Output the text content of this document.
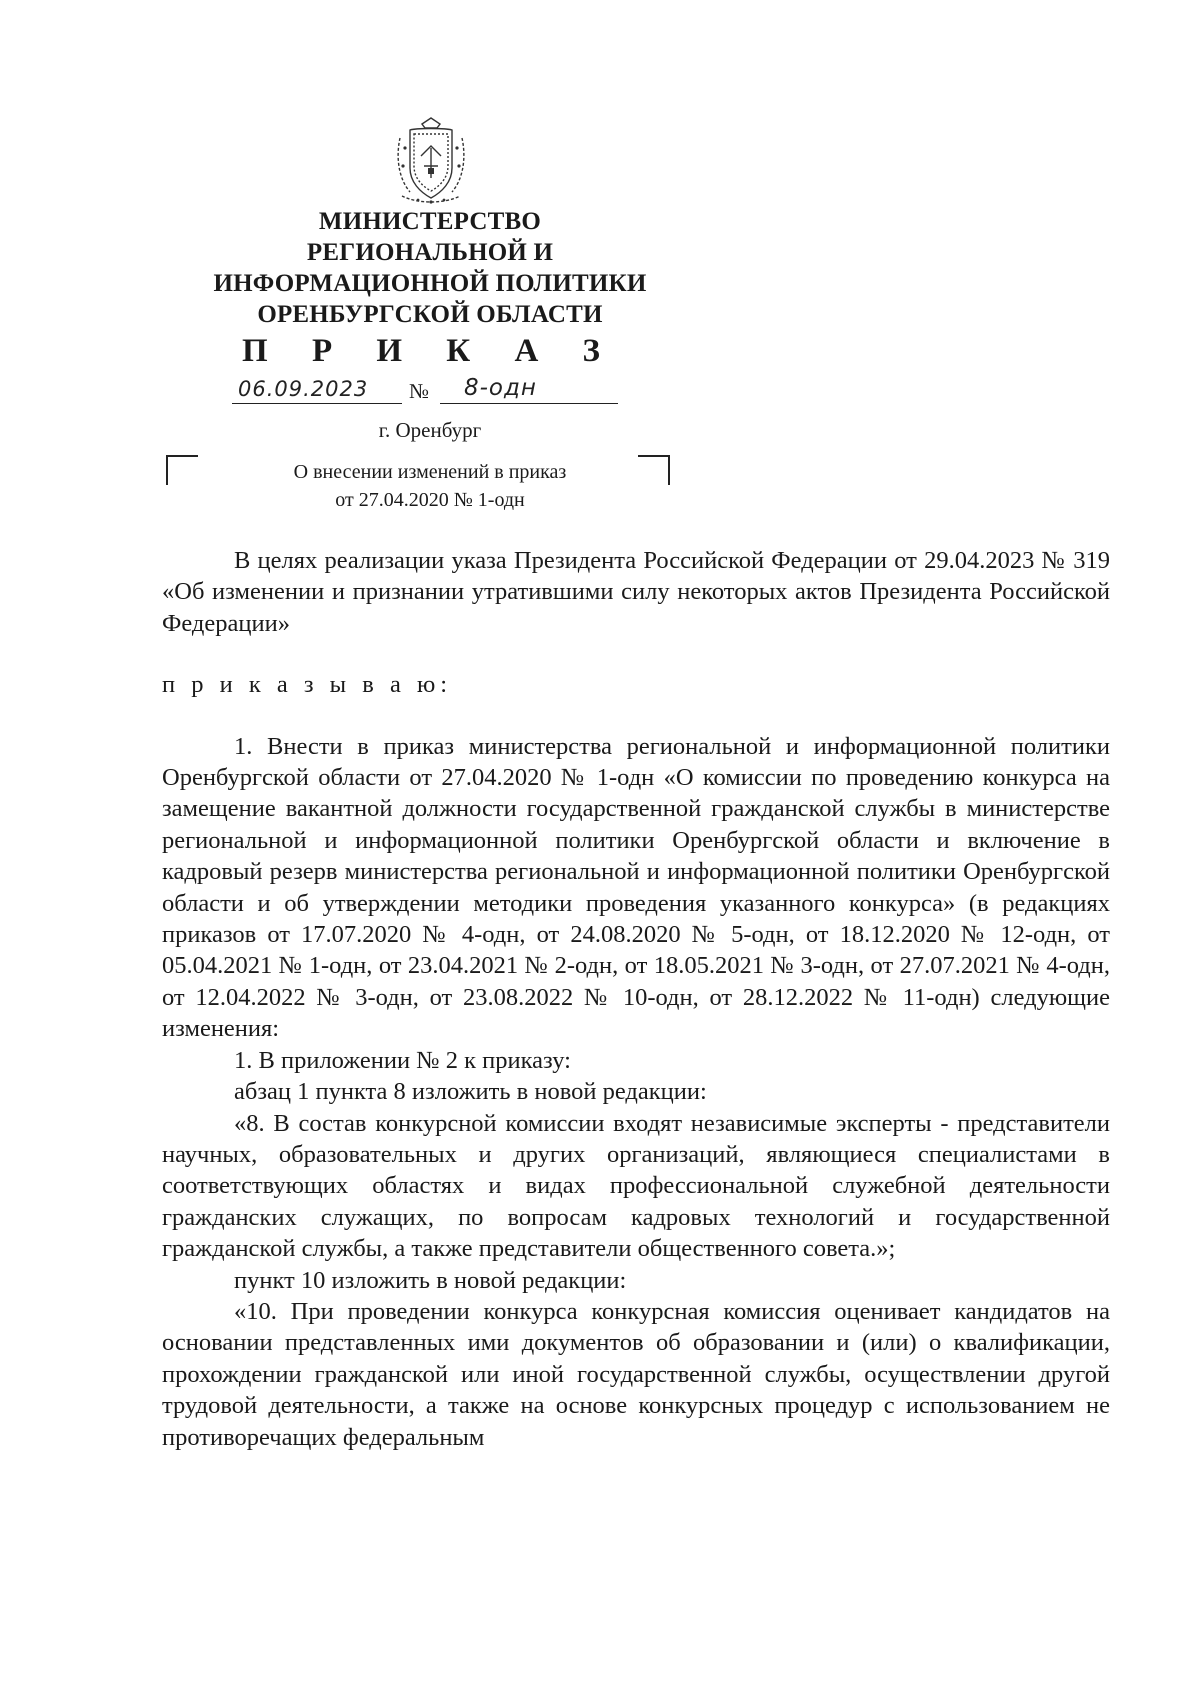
МИНИСТЕРСТВО
РЕГИОНАЛЬНОЙ И
ИНФОРМАЦИОННОЙ ПОЛИТИКИ
ОРЕНБУРГСКОЙ ОБЛАСТИ
П Р И К А З
06.09.2023 № 8-одн
г. Оренбург
О внесении изменений в приказ
от 27.04.2020 № 1-одн

В целях реализации указа Президента Российской Федерации от 29.04.2023 № 319 «Об изменении и признании утратившими силу некоторых актов Президента Российской Федерации»

п р и к а з ы в а ю:

1. Внести в приказ министерства региональной и информационной политики Оренбургской области от 27.04.2020 № 1-одн «О комиссии по проведению конкурса на замещение вакантной должности государственной гражданской службы в министерстве региональной и информационной политики Оренбургской области и включение в кадровый резерв министерства региональной и информационной политики Оренбургской области и об утверждении методики проведения указанного конкурса» (в редакциях приказов от 17.07.2020 № 4-одн, от 24.08.2020 № 5-одн, от 18.12.2020 № 12-одн, от 05.04.2021 № 1-одн, от 23.04.2021 № 2-одн, от 18.05.2021 № 3-одн, от 27.07.2021 № 4-одн, от 12.04.2022 № 3-одн, от 23.08.2022 № 10-одн, от 28.12.2022 № 11-одн) следующие изменения:

1. В приложении № 2 к приказу:

абзац 1 пункта 8 изложить в новой редакции:

«8. В состав конкурсной комиссии входят независимые эксперты - представители научных, образовательных и других организаций, являющиеся специалистами в соответствующих областях и видах профессиональной служебной деятельности гражданских служащих, по вопросам кадровых технологий и государственной гражданской службы, а также представители общественного совета.»;

пункт 10 изложить в новой редакции:

«10. При проведении конкурса конкурсная комиссия оценивает кандидатов на основании представленных ими документов об образовании и (или) о квалификации, прохождении гражданской или иной государственной службы, осуществлении другой трудовой деятельности, а также на основе конкурсных процедур с использованием не противоречащих федеральным
